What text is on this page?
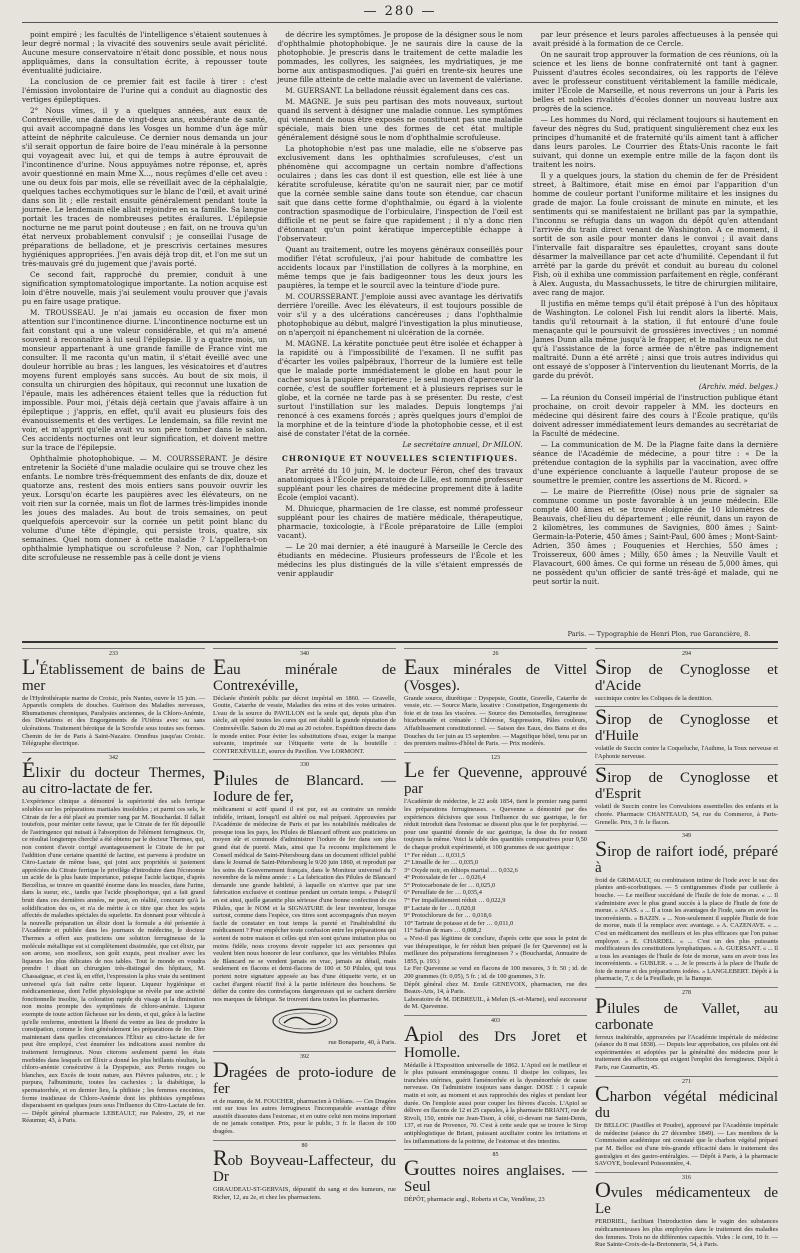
— 280 —

point empiré ; les facultés de l'intelligence s'étaient soutenues à leur degré normal ; la vivacité des souvenirs seule avait périclité. Aucune mesure conservatoire n'était donc possible, et nous nous appliquâmes, dans la consultation écrite, à repousser toute éventualité judiciaire.

La conclusion de ce premier fait est facile à tirer : c'est l'émission involontaire de l'urine qui a conduit au diagnostic des vertiges épileptiques.

2° Nous vîmes, il y a quelques années, aux eaux de Contrexéville, une dame de vingt-deux ans, exubérante de santé, qui avait accompagné dans les Vosges un homme d'un âge mûr atteint de néphrite calculeuse. Ce dernier nous demanda un jour s'il serait opportun de faire boire de l'eau minérale à la personne qui voyageait avec lui, et qui de temps à autre éprouvait de l'incontinence d'urine. Nous appuyâmes notre réponse, et, après avoir questionné en main Mme X..., nous reçûmes d'elle cet aveu : une ou deux fois par mois, elle se réveillait avec de la céphalalgie, quelques taches ecchymotiques sur le blanc de l'œil, et avait uriné dans son lit ; elle restait ensuite généralement pendant toute la journée. Le lendemain elle allait rejoindre en sa famille. Sa langue portait les traces de nombreuses petites érailures. L'épilepsie nocturne ne me parut point douteuse ; en fait, on ne trouva qu'un état nerveux probablement convulsif ; je conseillai l'usage de préparations de belladone, et je prescrivis certaines mesures hygiéniques appropriées. J'en avais déjà trop dit, et l'on me sut un très-mauvais gré du jugement que j'avais porté.

Ce second fait, rapproché du premier, conduit à une signification symptomatologique importante. La notion acquise est loin d'être nouvelle, mais j'ai seulement voulu prouver que j'avais pu en faire usage pratique.

M. TROUSSEAU. Je n'ai jamais eu occasion de fixer mon attention sur l'incontinence diurne. L'incontinence nocturne est un fait constant qui a une valeur considérable, et qui m'a amené souvent à reconnaître à lui seul l'épilepsie. Il y a quatre mois, un monsieur appartenant à une grande famille de France vint me consulter. Il me raconta qu'un matin, il s'était éveillé avec une douleur horrible au bras ; les langues, les vésicatoires et d'autres moyens furent employés sans succès. Au bout de six mois, il consulta un chirurgien des hôpitaux, qui reconnut une luxation de l'épaule, mais les adhérences étaient telles que la réduction fut impossible. Pour moi, j'étais déjà certain que j'avais affaire à un épileptique ; j'appris, en effet, qu'il avait eu plusieurs fois des évanouissements et des vertiges. Le lendemain, sa fille revint me voir, et m'apprit qu'elle avait vu son père tomber dans le salon. Ces accidents nocturnes ont leur signification, et doivent mettre sur la trace de l'épilepsie.

Ophthalmie photophobique. — M. COURSSERANT. Je désire entretenir la Société d'une maladie oculaire qui se trouve chez les enfants. Le nombre très-fréquemment des enfants de dix, douze et quatorze ans, restent des mois entiers sans pouvoir ouvrir les yeux. Lorsqu'on écarte les paupières avec les élévateurs, on ne voit rien sur la cornée, mais un flot de larmes très-limpides inonde les joues des malades. Au bout de trois semaines, on peut quelquefois apercevoir sur la cornée un petit point blanc du volume d'une tête d'épingle, qui persiste trois, quatre, six semaines. Quel nom donner à cette maladie ? L'appellera-t-on ophthalmie lymphatique ou scrofuleuse ? Non, car l'ophthalmie dite scrofuleuse ne ressemble pas à celle dont je viens

de décrire les symptômes. Je propose de la désigner sous le nom d'ophthalmie photophobique. Je ne saurais dire la cause de la photophobie. Je prescris dans le traitement de cette maladie les pommades, les collyres, les saignées, les mydriatiques, je me borne aux antispasmodiques. J'ai guéri en trente-six heures une jeune fille atteinte de cette maladie avec un lavement de valériane.

M. GUERSANT. La belladone réussit également dans ces cas.

M. MAGNE. Je suis peu partisan des mots nouveaux, surtout quand ils servent à désigner une maladie connue. Les symptômes qui viennent de nous être exposés ne constituent pas une maladie spéciale, mais bien une des formes de cet état multiple généralement désigné sous le nom d'ophthalmie scrofuleuse.

La photophobie n'est pas une maladie, elle ne s'observe pas exclusivement dans les ophthalmies scrofuleuses, c'est un phénomène qui accompagne un certain nombre d'affections oculaires ; dans les cas dont il est question, elle est liée à une kératite scrofuleuse, kératite qu'on ne saurait nier, par ce motif que la cornée semble saine dans toute son étendue, car chacun sait que dans cette forme d'ophthalmie, ou égard à la violente contraction spasmodique de l'orbiculaire, l'inspection de l'œil est difficile et ne peut se faire que rapidement ; il n'y a donc rien d'étonnant qu'un point kératique imperceptible échappe à l'observateur.

Quant au traitement, outre les moyens généraux conseillés pour modifier l'état scrofuleux, j'ai pour habitude de combattre les accidents locaux par l'instillation de collyres à la morphine, en même temps que je fais badigeonner tous les deux jours les paupières, la tempe et le sourcil avec la teinture d'iode pure.

M. COURSSERANT. J'emploie aussi avec avantage les dérivatifs derrière l'oreille. Avec les élévateurs, il est toujours possible de voir s'il y a des ulcérations cancéreuses ; dans l'ophthalmie photophobique au début, malgré l'investigation la plus minutieuse, on n'aperçoit ni épanchement ni ulcération de la cornée.

M. MAGNE. La kératite ponctuée peut être isolée et échapper à la rapidité ou à l'impossibilité de l'examen. Il ne suffit pas d'écarter les voiles palpébraux, l'horreur de la lumière est telle que le malade porte immédiatement le globe en haut pour le cacher sous la paupière supérieure ; le seul moyen d'apercevoir la cornée, c'est de souffler fortement et à plusieurs reprises sur le globe, et la cornée ne tarde pas à se présenter. Du reste, c'est surtout l'instillation sur les malades. Depuis longtemps j'ai renoncé à ces examens forcés ; après quelques jours d'emploi de la morphine et de la teinture d'iode la photophobie cesse, et il est aisé de constater l'état de la cornée.

Le secrétaire annuel, Dr MILON.

CHRONIQUE ET NOUVELLES SCIENTIFIQUES.

Par arrêté du 10 juin, M. le docteur Féron, chef des travaux anatomiques à l'École préparatoire de Lille, est nommé professeur suppléant pour les chaires de médecine proprement dite à ladite École (emploi vacant).

M. Dhuicque, pharmacien de 1re classe, est nommé professeur suppléant pour les chaires de matière médicale, thérapeutique, pharmacie, toxicologie, à l'École préparatoire de Lille (emploi vacant).

— Le 20 mai dernier, a été inauguré à Marseille le Cercle des étudiants en médecine. Plusieurs professeurs de l'École et les médecins les plus distingués de la ville s'étaient empressés de venir applaudir

par leur présence et leurs paroles affectueuses à la pensée qui avait présidé à la formation de ce Cercle.

On ne saurait trop approuver la formation de ces réunions, où la science et les liens de bonne confraternité ont tant à gagner. Puissent d'autres écoles secondaires, où les rapports de l'élève avec le professeur constituent véritablement la famille médicale, imiter l'École de Marseille, et nous reverrons un jour à Paris les belles et nobles rivalités d'écoles donner un nouveau lustre aux progrès de la science.

— Les hommes du Nord, qui réclament toujours si hautement en faveur des nègres du Sud, pratiquent singulièrement chez eux les principes d'humanité et de fraternité qu'ils aiment tant à afficher dans leurs paroles. Le Courrier des États-Unis raconte le fait suivant, qui donne un exemple entre mille de la façon dont ils traitent les noirs.

Il y a quelques jours, la station du chemin de fer de Président street, à Baltimore, était mise en émoi par l'apparition d'un homme de couleur portant l'uniforme militaire et les insignes du grade de major. La foule croissant de minute en minute, et les sentiments qui se manifestaient ne brillant pas par la sympathie, l'inconnu se réfugia dans un wagon du dépôt qu'en attendant l'arrivée du train direct venant de Washington. A ce moment, il sortit de son asile pour monter dans le convoi ; il avait dans l'intervalle fait disparaître ses épaulettes, croyant sans doute désarmer la malveillance par cet acte d'humilité. Cependant il fut arrêté par la garde du prévôt et conduit au bureau du colonel Fish, où il exhiba une commission parfaitement en règle, conférant à Alex. Augusta, du Massachussets, le titre de chirurgien militaire, avec rang de major.

Il justifia en même temps qu'il était préposé à l'un des hôpitaux de Washington. Le colonel Fish lui rendit alors la liberté. Mais, tandis qu'il retournait à la station, il fut entouré d'une foule menaçante qui le poursuivit de grossières invectives ; un nommé James Dunn alla même jusqu'à le frapper, et le malheureux ne dut qu'à l'assistance de la force armée de n'être pas indignement maltraité. Dunn a été arrêté ; ainsi que trois autres individus qui ont essayé de s'opposer à l'intervention du lieutenant Morris, de la garde du prévôt.

(Archiv. méd. belges.)

— La réunion du Conseil impérial de l'instruction publique étant prochaine, on croit devoir rappeler à MM. les docteurs en médecine qui désirent faire des cours à l'École pratique, qu'ils doivent adresser immédiatement leurs demandes au secrétariat de la Faculté de médecine.

— La communication de M. De la Plagne faite dans la dernière séance de l'Académie de médecine, a pour titre : « De la prétendue contagion de la syphilis par la vaccination, avec offre d'une expérience concluante à laquelle l'auteur propose de se soumettre le premier, contre les assertions de M. Ricord. »

— Le maire de Pierrefitte (Oise) nous prie de signaler sa commune comme un poste favorable à un jeune médecin. Elle compte 400 âmes et se trouve éloignée de 10 kilomètres de Beauvais, chef-lieu du département ; elle réunit, dans un rayon de 2 kilomètres, les communes de Savignies, 800 âmes ; Saint-Germain-la-Poterie, 450 âmes ; Saint-Paul, 600 âmes ; Mont-Saint-Adrien, 350 âmes ; Fouquenies et Herchies, 550 âmes ; Troissereux, 600 âmes ; Milly, 650 âmes ; la Neuville Vault et Flavacourt, 600 âmes. Ce qui forme un réseau de 5,000 âmes, qui ne possèdent qu'un officier de santé très-âgé et malade, qui ne peut sortir la nuit.

Paris. — Typographie de Henri Plon, rue Garancière, 8.
233
L'Établissement de bains de mer
de l'Hydrothérapie marine de Croisic, près Nantes, ouvre le 15 juin. — Appareils complets de douches. Guérison des Maladies nerveuses, Rhumatismes chroniques, Paralysies anciennes, de la Chloro-Anémie, des Déviations et des Engorgements de l'Utérus avec ou sans ulcérations. Traitement héroïque de la Scrofule sous toutes ses formes. Chemin de fer de Paris à Saint-Nazaire. Omnibus jusqu'au Croisic. Télégraphe électrique.
342
Élixir du docteur Thermes, au citro-lactate de fer.
L'expérience clinique a démontré la supériorité des sels ferrique solubles sur les préparations martiales insolubles ; et parmi ces sels, le Citrate de fer a été placé au premier rang par M. Bouchardat. Il fallait toutefois, pour mériter cette faveur, que le Citrate de fer fût dépouillé de l'astringence qui nuisait à l'absorption de l'élément ferrugineux. Or, ce résultat longtemps cherché a été obtenu par le docteur Thermes, qui, non content d'avoir corrigé avantageusement le Citrate de fer par l'addition d'une certaine quantité de lactine, est parvenu à produire un Citro-Lactate de même base, qui joint aux propriétés si justement appréciées du Citrate ferrique le privilège d'introduire dans l'économie un acide de la plus haute importance, puisque l'acide lactique, d'après Berzélius, se trouve en quantité énorme dans les muscles, dans l'urine, dans la sueur, etc., tandis que l'acide phosphorique, qui a fait grand bruit dans ces dernières années, ne peut, en réalité, concourir qu'à la solidification des os, et n'a de mérite à ce titre que chez les sujets affectés de maladies spéciales du squelette. En donnant pour véhicule à la nouvelle préparation un élixir dont la formule a été présentée à l'Académie et publiée dans les journaux de médecine, le docteur Thermes a offert aux praticiens une solution ferrugineuse de la molécule métallique est si complètement dissimulée, que cet élixir, par son arome, son moelleux, son goût exquis, peut rivaliser avec les liqueurs les plus délicates de nos tables. Tout le monde en voudra prendre ! disait un chirurgien très-distingué des hôpitaux, M. Chassaignac, et c'est là, en effet, l'expression la plus vraie du sentiment universel qu'a fait naître cette liqueur. Liqueur hygiénique et médicamenteuse, dont l'effet physiologique se révèle par une activité fonctionnelle insolite, la coloration rapide du visage et la diminution non moins prompte des symptômes de chloro-anémie. Liqueur exempte de toute action fâcheuse sur les dents, et qui, grâce à la lactine qu'elle renferme, entretient la liberté du ventre au lieu de produire la constipation, comme le font généralement les préparations de fer. Dire maintenant dans quelles circonstances l'Élixir au citro-lactate de fer peut être employé, c'est énumérer les indications aussi nombre du traitement ferrugineux. Nous citerons seulement parmi les états morbides dans lesquels cet Élixir a donné les plus brillants résultats, la chloro-anémie consécutive à la Dyspepsie, aux Pertes rouges ou blanches, aux Excès de toute nature, aux Fièvres palustres, etc. ; le purpura, l'albuminurie, toutes les cachexies ; la diabétique, la spermatorrhée, et en dernier lieu, la phthisie ; les femmes enceintes, forme insidieuse de Chloro-Anémie dont les phthisies symptômes disparaissent en quelques jours sous l'influence du Citro-Lactate de fer. — Dépôt général pharmacie LEBEAULT, rue Palestro, 29, et rue Réaumur, 43, à Paris.
340
Eau minérale de Contrexéville,
Déclarée d'intérêt public par décret impérial en 1860. — Gravelle, Goutte, Catarrhe de vessie, Maladies des reins et des voies urinaires. L'eau de la source du PAVILLON est la seule qui, depuis plus d'un siècle, ait opéré toutes les cures qui ont établi la grande réputation de Contrexéville. Saison du 20 mai au 20 octobre. Expédition directe dans le monde entier. Pour éviter les substitutions d'eau, exiger la marque suivante, imprimée sur l'étiquette verte de la bouteille : CONTREXÉVILLE, source du Pavillon. Vve LORMONT.
330
Pilules de Blancard. — Iodure de fer,
médicament si actif quand il est pur, est au contraire un remède infidèle, irritant, lorsqu'il est altéré ou mal préparé. Approuvées par l'Académie de médecine de Paris et par les notabilités médicales de presque tous les pays, les Pilules de Blancard offrent aux praticiens un moyen sûr et commode d'administrer l'iodure de fer dans son plus grand état de pureté. Mais, ainsi que l'a reconnu implicitement le Conseil médical de Saint-Pétersbourg dans un document officiel publié dans le Journal de Saint-Pétersbourg le 9/20 juin 1860, et reproduit par les soins du Gouvernement français, dans le Moniteur universel du 7 novembre de la même année : « La fabrication des Pilules de Blancard demande une grande habileté, à laquelle on n'arrive que par une fabrication exclusive et continue pendant un certain temps. » Puisqu'il en est ainsi, quelle garantie plus sérieuse d'une bonne confection de ces Pilules, que le NOM et la SIGNATURE de leur inventeur, lorsque surtout, comme dans l'espèce, ces titres sont accompagnés d'un moyen facile de constater en tout temps la pureté et l'inaltérabilité du médicament ? Pour empêcher toute confusion entre les préparations qui sortent de notre maison et celles qui n'en sont qu'une imitation plus ou moins fidèle, nous croyons devoir rappeler ici aux personnes qui veulent bien nous honorer de leur confiance, que les véritables Pilules de Blancard ne se vendent jamais en vrac, jamais au détail, mais seulement en flacons et demi-flacons de 100 et 50 Pilules, qui tous portent notre signature apposée au bas d'une étiquette verte, et un cachet d'argent réactif fixé à la partie inférieure des bouchons. Se défier du contre des contrefaçons dangereuses qui se cachent derrière nos marques de fabrique. Se trouvent dans toutes les pharmacies.
rue Bonaparte, 40, à Paris.
392
Dragées de proto-iodure de fer
et de manne, de M. FOUCHER, pharmacien à Orléans. — Ces Dragées ont sur tous les autres ferrugineux l'incomparable avantage d'être aussitôt dissoutes dans l'estomac, et en outre celui non moins important de ne jamais constiper. Prix, pour le public, 3 fr. le flacon de 100 dragées.
80
Rob Boyveau-Laffecteur, du Dr
GIRAUDEAU-ST-GERVAIS, dépuratif du sang et des humeurs, rue Richer, 12, au 2e, et chez les pharmaciens.
26
Eaux minérales de Vittel (Vosges).
Grande source, diurétique : Dyspepsie, Goutte, Gravelle, Catarrhe de vessie, etc. — Source Marie, laxative : Constipation, Engorgements du foie et de tous les viscères. — Source des Demoiselles, ferrugineuse bicarbonatée et crénatée : Chlorose, Suppression, Pâles couleurs, Affaiblissement constitutionnel. — Saison des Eaux, des Bains et des Douches du 1er juin au 15 septembre. — Magnifique hôtel, tenu par un des premiers maîtres-d'hôtel de Paris. — Prix modérés.
123
Le fer Quevenne, approuvé par
l'Académie de médecine, le 22 août 1854, tient le premier rang parmi les préparations ferrugineuses. « Quevenne a démontré par des expériences décisives que sous l'influence du suc gastrique, le fer réduit introduit dans l'estomac se dissout plus que le fer porphyrisé. — pour une quantité donnée de suc gastrique, la dose du fer restant toujours la même. Voici la table des quantités comparatives pour 0,50 de chaque produit expérimenté, et 100 grammes de suc gastrique :
1° Fer réduit … 0,031,5
2° Limaille de fer … 0,035,0
3° Oxyde noir, en éthiops martial … 0,032,6
4° Protoxalate de fer … 0,026,4
5° Protocarbonate de fer … 0,025,0
6° Persulfate de fer … 0,035,4
7° Fer impalfaitement réduit … 0,022,9
8° Lactate de fer … 0,020,8
9° Protochlorure de fer … 0,018,6
10° Tartrate de potasse et de fer … 0,011,0
11° Safran de mars … 0,008,2
« N'est-il pas légitime de conclure, d'après cette que sous le point de vue thérapeutique, le fer réduit bien préparé (le fer Quevenne) est la meilleure des préparations ferrugineuses ? » (Bouchardat, Annuaire de 1855, p. 193.)
Le Fer Quevenne se vend en flacons de 100 mesures, 3 fr. 50 ; id. de 200 grammes (fr. 0,05), 5 fr. ; id. de 100 grammes, 3 fr.
Dépôt général chez M. Emile GENEVOIX, pharmacien, rue des Beaux-Arts, 14, à Paris.
Laboratoire de M. DEBREUIL, à Melun (S.-et-Marne), seul successeur de M. Quevenne.
403
Apiol des Drs Joret et Homolle.
Médaille à l'Exposition universelle de 1862. L'Apiol est le meilleur et le plus puissant emménagogue connu. Il dissipe les coliques, les tranchées utérines, guérit l'aménorrhée et la dysménorrhée de cause nerveuse. On l'administre toujours sans danger. DOSE : 1 capsule matin et soir, au moment et aux rapprochés des règles et pendant leur durée. On l'emploie aussi pour couper les fièvres d'accès. L'Apiol se délivre en flacons de 12 et 25 capsules, à la pharmacie BRIANT, rue de Rivoli, 150, entrée rue Jean-Tison, à côté, ci-devant rue Saint-Denis, 137, et rue de Provence, 70. C'est à cette seule que se trouve le Sirop antiphlogistique de Briant, puissant auxiliaire contre les irritations et les inflammations de la poitrine, de l'estomac et des intestins.
85
Gouttes noires anglaises. — Seul
DÉPÔT, pharmacie angl., Roberts et Cie, Vendôme, 23
294
Sirop de Cynoglosse et d'Acide
succinique contre les Coliques de la dentition.
Sirop de Cynoglosse et d'Huile
volatile de Succin contre la Coqueluche, l'Asthme, la Toux nerveuse et l'Aphonie nerveuse.
Sirop de Cynoglosse et d'Esprit
volatil de Succin contre les Convulsions essentielles des enfants et la chorée. Pharmacie CHANTEAUD, 54, rue du Commerce, à Paris-Grenelle. Prix, 3 fr. le flacon.
349
Sirop de raifort iodé, préparé à
froid de GRIMAULT, ou combinaison intime de l'iode avec le suc des plantes anti-scorbutiques. — 5 centigrammes d'iode par cuillerée à bouche. — Le meilleur succédané de l'huile de foie de morue. « ... Il s'administre avec le plus grand succès à la place de l'huile de foie de morue. » ANAS. « ... Il a tous les avantages de l'iode, sans en avoir les inconvénients. » BAZIN. « ... Non-seulement il supplée l'huile de foie de morue, mais il la remplace avec avantage. » A. CAZENAVE. « ... C'est un médicament des meilleurs et les plus efficaces que l'on puisse employer. » E. CHARDEL. « ... C'est un des plus puissants modificateurs des constitutions lymphatiques. » A. GUERSANT. « ... Il a tous les avantages de l'huile de foie de morue, sans en avoir tous les inconvénients. » GUBLER. « ... Je le prescris à la place de l'huile de foie de morue et des préparations iodées. » LANGLEBERT. Dépôt à la pharmacie, 7, r. de la Feuillade, pr. la Banque.
278
Pilules de Vallet, au carbonate
ferreux inaltérable, approuvées par l'Académie impériale de médecine (séance du 8 mai 1838). — Depuis leur approbation, ces pilules ont été expérimentées et adoptées par la généralité des médecins pour le traitement des affections qui exigent l'emploi des ferrugineux. Dépôt à Paris, rue Caumartin, 45.
271
Charbon végétal médicinal du
Dr BELLOC (Pastilles et Poudre), approuvé par l'Académie impériale de médecine (séance du 27 décembre 1849). — Les membres de la Commission académique ont constaté que le charbon végétal préparé par M. Belloc est d'une très-grande efficacité dans le traitement des gastralgies et des gastro-entéralgies. — Dépôt à Paris, à la pharmacie SAVOYE, boulevard Poissonnière, 4.
316
Ovules médicamenteux de Le
PERDRIEL, facilitant l'introduction dans le vagin des substances médicamenteuses les plus employées dans le traitement des maladies des femmes. Trois no de différentes capacités. Vides : le cent, 10 fr. — Rue Sainte-Croix-de-la-Bretonnerie, 54, à Paris.
